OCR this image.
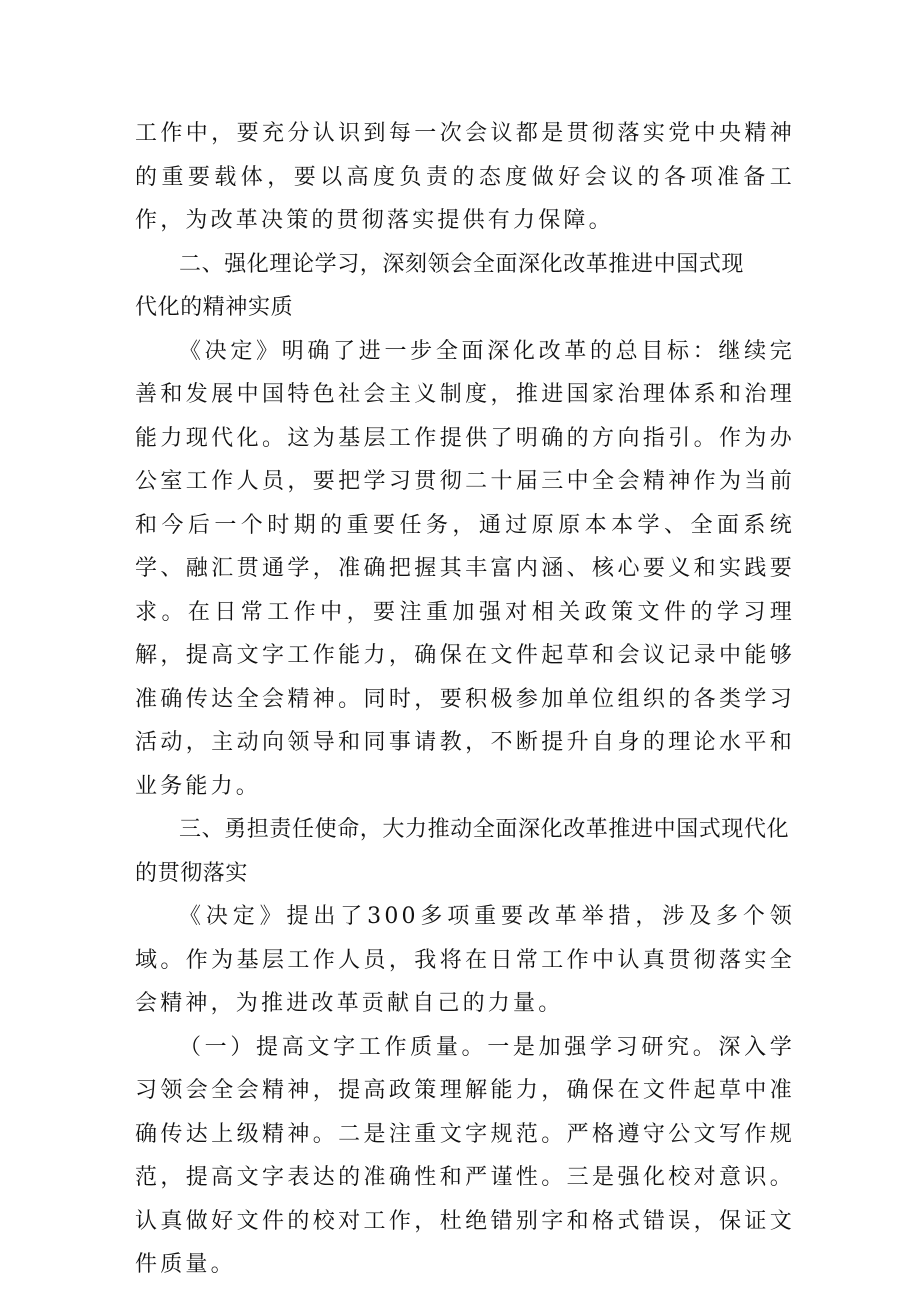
工作中，要充分认识到每一次会议都是贯彻落实党中央精神的重要载体，要以高度负责的态度做好会议的各项准备工作，为改革决策的贯彻落实提供有力保障。

二、强化理论学习，深刻领会全面深化改革推进中国式现代化的精神实质

《决定》明确了进一步全面深化改革的总目标：继续完善和发展中国特色社会主义制度，推进国家治理体系和治理能力现代化。这为基层工作提供了明确的方向指引。作为办公室工作人员，要把学习贯彻二十届三中全会精神作为当前和今后一个时期的重要任务，通过原原本本学、全面系统学、融汇贯通学，准确把握其丰富内涵、核心要义和实践要求。在日常工作中，要注重加强对相关政策文件的学习理解，提高文字工作能力，确保在文件起草和会议记录中能够准确传达全会精神。同时，要积极参加单位组织的各类学习活动，主动向领导和同事请教，不断提升自身的理论水平和业务能力。

三、勇担责任使命，大力推动全面深化改革推进中国式现代化的贯彻落实

《决定》提出了300多项重要改革举措，涉及多个领域。作为基层工作人员，我将在日常工作中认真贯彻落实全会精神，为推进改革贡献自己的力量。

（一）提高文字工作质量。一是加强学习研究。深入学习领会全会精神，提高政策理解能力，确保在文件起草中准确传达上级精神。二是注重文字规范。严格遵守公文写作规范，提高文字表达的准确性和严谨性。三是强化校对意识。认真做好文件的校对工作，杜绝错别字和格式错误，保证文件质量。
